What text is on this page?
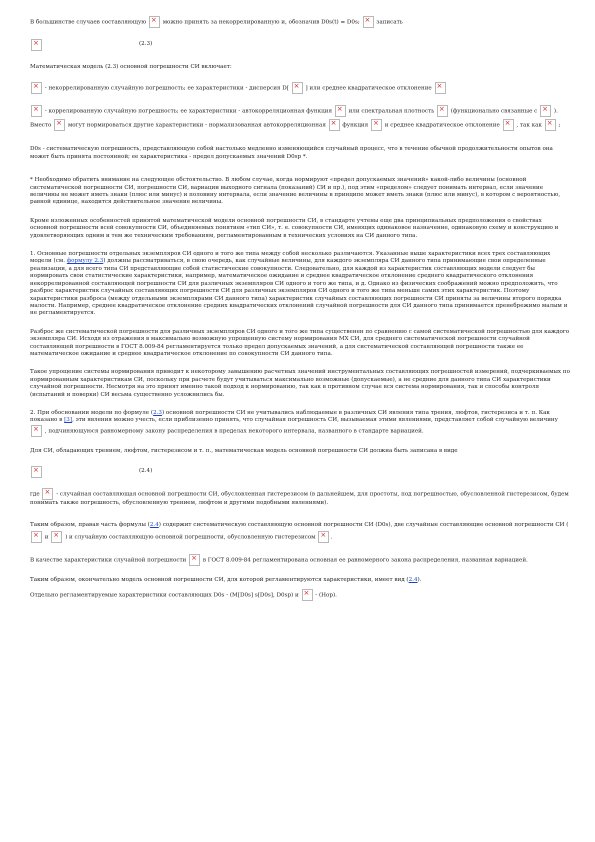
В большинстве случаев составляющую ×	можно принять за некоррелированную и, обозначив D0s(t) = D0s; ×	записать

×
(2.3)

Математическая модель (2.3) основной погрешности СИ включает:

× - некоррелированную случайную погрешность; ее характеристики - дисперсия D[ ×	] или среднее квадратическое отклонение ×

× - коррелированную случайную погрешность; ее характеристики - автокорреляционная функция ×	или спектральная плотность ×	(функционально связанные с ×	). Вместо ×	могут нормироваться другие характеристики - нормализованная автокорреляционная ×	функция ×	и среднее квадратическое отклонение ×	, так как ×	;

D0s - систематическую погрешность, представляющую собой настолько медленно изменяющийся случайный процесс, что в течение обычной продолжительности опытов она может быть принята постоянной; ее характеристика - предел допускаемых значений D0sp *.

* Необходимо обратить внимание на следующее обстоятельство. В любом случае, когда нормируют «предел допускаемых значений» какой-либо величины (основной систематической погрешности СИ, погрешности СИ, вариации выходного сигнала (показаний) СИ и пр.), под этим «пределом» следует понимать интервал, если значение величины не может иметь знаки (плюс или минус) и половину интервала, если значение величины в принципе может иметь знаки (плюс или минус), в котором с вероятностью, равной единице, находится действительное значение величины.

Кроме изложенных особенностей принятой математической модели основной погрешности СИ, в стандарте учтены еще два принципиальных предположения о свойствах основной погрешности всей совокупности СИ, объединяемых понятием «тип СИ», т. е. совокупности СИ, имеющих одинаковое назначение, одинаковую схему и конструкцию и удовлетворяющих одним и тем же техническим требованиям, регламентированным в технических условиях на СИ данного типа.

1. Основные погрешности отдельных экземпляров СИ одного и того же типа между собой несколько различаются. Указанные выше характеристики всех трех составляющих модели (см. формулу 2.3) должны рассматриваться, в свою очередь, как случайные величины, для каждого экземпляра СИ данного типа принимающие свои определенные реализации, а для всего типа СИ представляющие собой статистические совокупности. Следовательно, для каждой из характеристик составляющих модели следует бы нормировать свои статистические характеристики, например, математическое ожидание и среднее квадратическое отклонение среднего квадратического отклонения некоррелированной составляющей погрешности СИ для различных экземпляров СИ одного и того же типа, и д. Однако из физических соображений можно предположить, что разброс характеристик случайных составляющих погрешности СИ для различных экземпляров СИ одного и того же типа меньше самих этих характеристик. Поэтому характеристики разброса (между отдельными экземплярами СИ данного типа) характеристик случайных составляющих погрешности СИ приняты за величины второго порядка малости. Например, среднее квадратическое отклонение средних квадратических отклонений случайной погрешности для СИ данного типа принимается пренебрежимо малым и не регламентируется.

Разброс же систематической погрешности для различных экземпляров СИ одного и того же типа существенен по сравнению с самой систематической погрешностью для каждого экземпляра СИ. Исходя из отражения в максимально возможную упрощенную систему нормирования МХ СИ, для среднего систематической погрешности случайной составляющей погрешности в ГОСТ 8.009-84 регламентируется только предел допускаемых значений, а для систематической составляющей погрешности также ее математическое ожидание и среднее квадратическое отклонение по совокупности СИ данного типа.

Такое упрощение системы нормирования приводит к некоторому завышению расчетных значений инструментальных составляющих погрешностей измерений, подчеркиваемых по нормированным характеристикам СИ, поскольку при расчете будут учитываться максимально возможные (допускаемые), а не средние для данного типа СИ характеристики случайной погрешности. Несмотря на это принят именно такой подход к нормированию, так как в противном случае вся система нормирования, так и способы контроля (испытаний и поверки) СИ весьма существенно усложнились бы.

2. При обосновании модели по формуле (2.3) основной погрешности СИ не учитывались наблюдаемые в различных СИ явления типа трения, люфтов, гистерезиса и т. п. Как показано в [3], эти явления можно учесть, если приблизенно принять, что случайная погрешность СИ, вызываемая этими явлениями, представляет собой случайную величину × , подчиняющуюся равномерному закону распределения в пределах некоторого интервала, названного в стандарте вариацией.

Для СИ, обладающих трением, люфтом, гистерезисом и т. п., математическая модель основной погрешности СИ должна быть записана в виде

×
(2.4)

где ×	- случайная составляющая основной погрешности СИ, обусловленная гистерезисом (в дальнейшем, для простоты, под погрешностью, обусловленной гистерезисом, будем понимать также погрешность, обусловленную трением, люфтом и другими подобными явлениями).

Таким образом, правая часть формулы (2.4) содержит систематическую составляющую основной погрешности СИ (D0s), две случайные составляющие основной погрешности СИ ( × и ×	) и случайную составляющую основной погрешности, обусловленную гистерезисом ×	.

В качестве характеристики случайной погрешности ×	в ГОСТ 8.009-84 регламентирована основная ее равномерного закона распределения, названная вариацией.

Таким образом, окончательно модель основной погрешности СИ, для которой регламентируются характеристики, имеет вид (2.4).

Отдельно регламентируемые характеристики составляющих D0s - (M[D0s] s[D0s], D0sp) и ×	- (Hop).
